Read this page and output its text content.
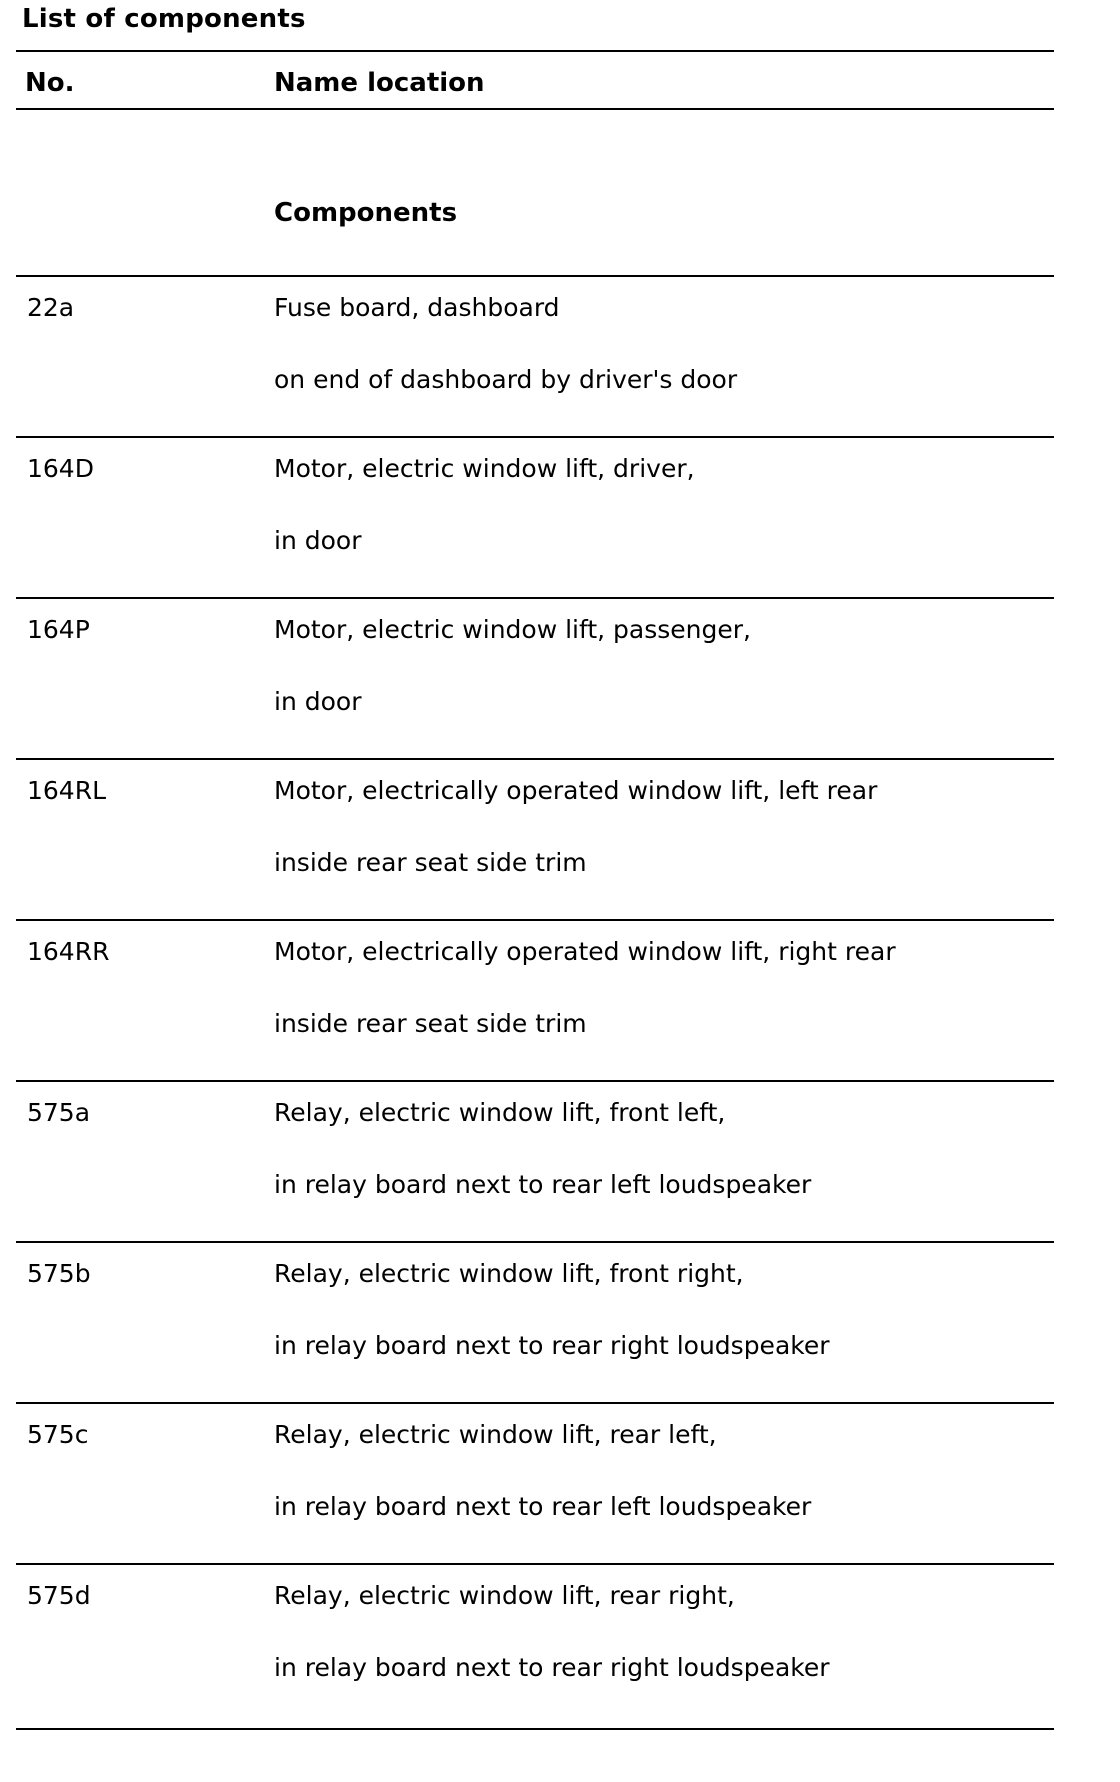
List of components
No.	Name location
Components
22a	Fuse board, dashboard
on end of dashboard by driver's door
164D	Motor, electric window lift, driver,
in door
164P	Motor, electric window lift, passenger,
in door
164RL	Motor, electrically operated window lift, left rear
inside rear seat side trim
164RR	Motor, electrically operated window lift, right rear
inside rear seat side trim
575a	Relay, electric window lift, front left,
in relay board next to rear left loudspeaker
575b	Relay, electric window lift, front right,
in relay board next to rear right loudspeaker
575c	Relay, electric window lift, rear left,
in relay board next to rear left loudspeaker
575d	Relay, electric window lift, rear right,
in relay board next to rear right loudspeaker
